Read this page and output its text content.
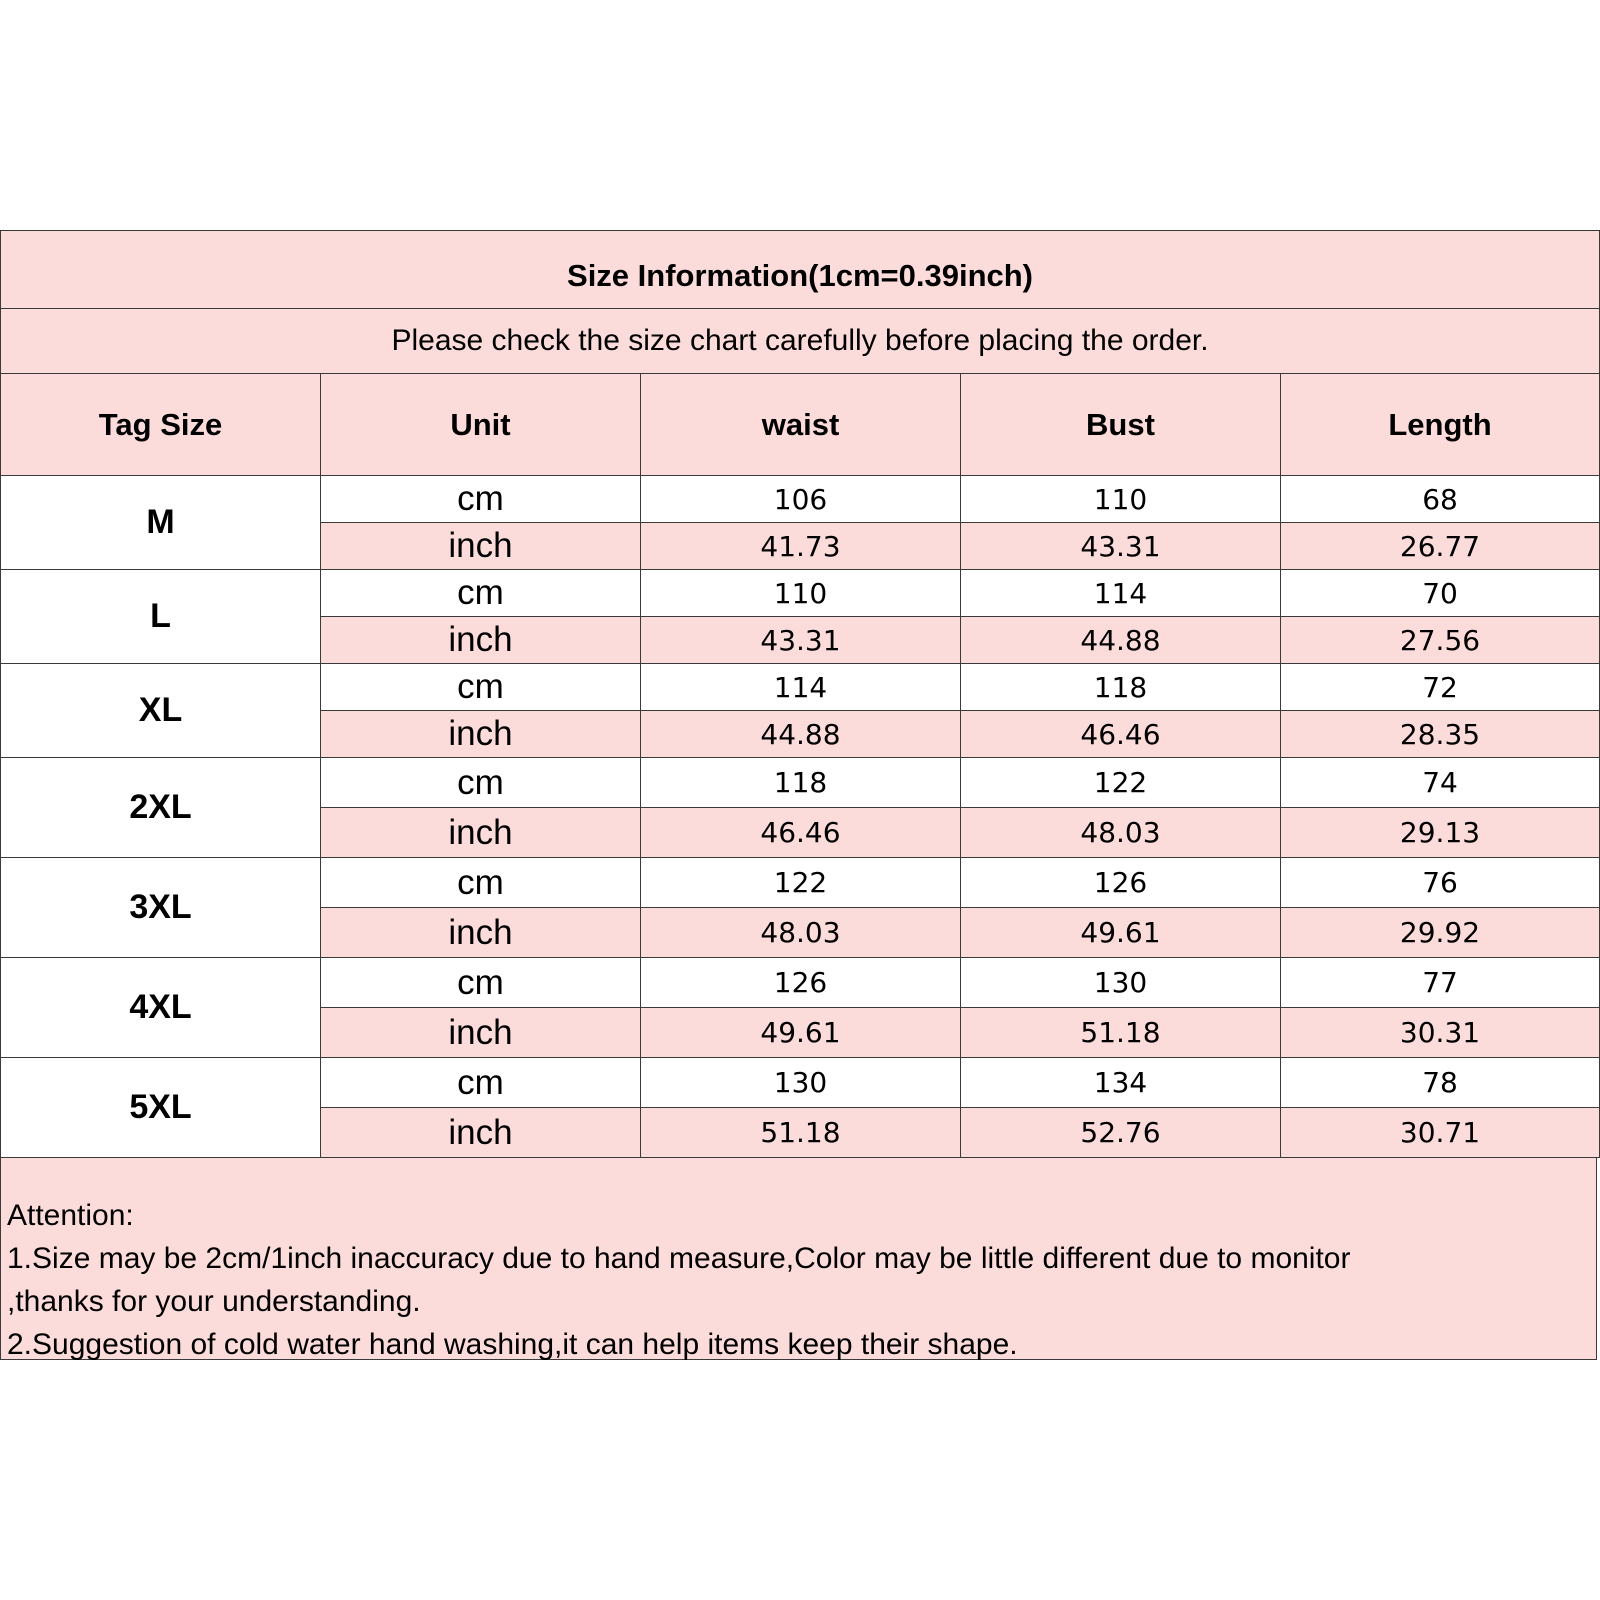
Size Information(1cm=0.39inch)				
Please check the size chart carefully before placing the order.				
Tag Size	Unit	waist	Bust	Length
M	cm	106	110	68
	inch	41.73	43.31	26.77
L	cm	110	114	70
	inch	43.31	44.88	27.56
XL	cm	114	118	72
	inch	44.88	46.46	28.35
2XL	cm	118	122	74
	inch	46.46	48.03	29.13
3XL	cm	122	126	76
	inch	48.03	49.61	29.92
4XL	cm	126	130	77
	inch	49.61	51.18	30.31
5XL	cm	130	134	78
	inch	51.18	52.76	30.71
Attention:
1.Size may be 2cm/1inch inaccuracy due to hand measure,Color may be little different due to monitor
,thanks for your understanding.
2.Suggestion of cold water hand washing,it can help items keep their shape.
